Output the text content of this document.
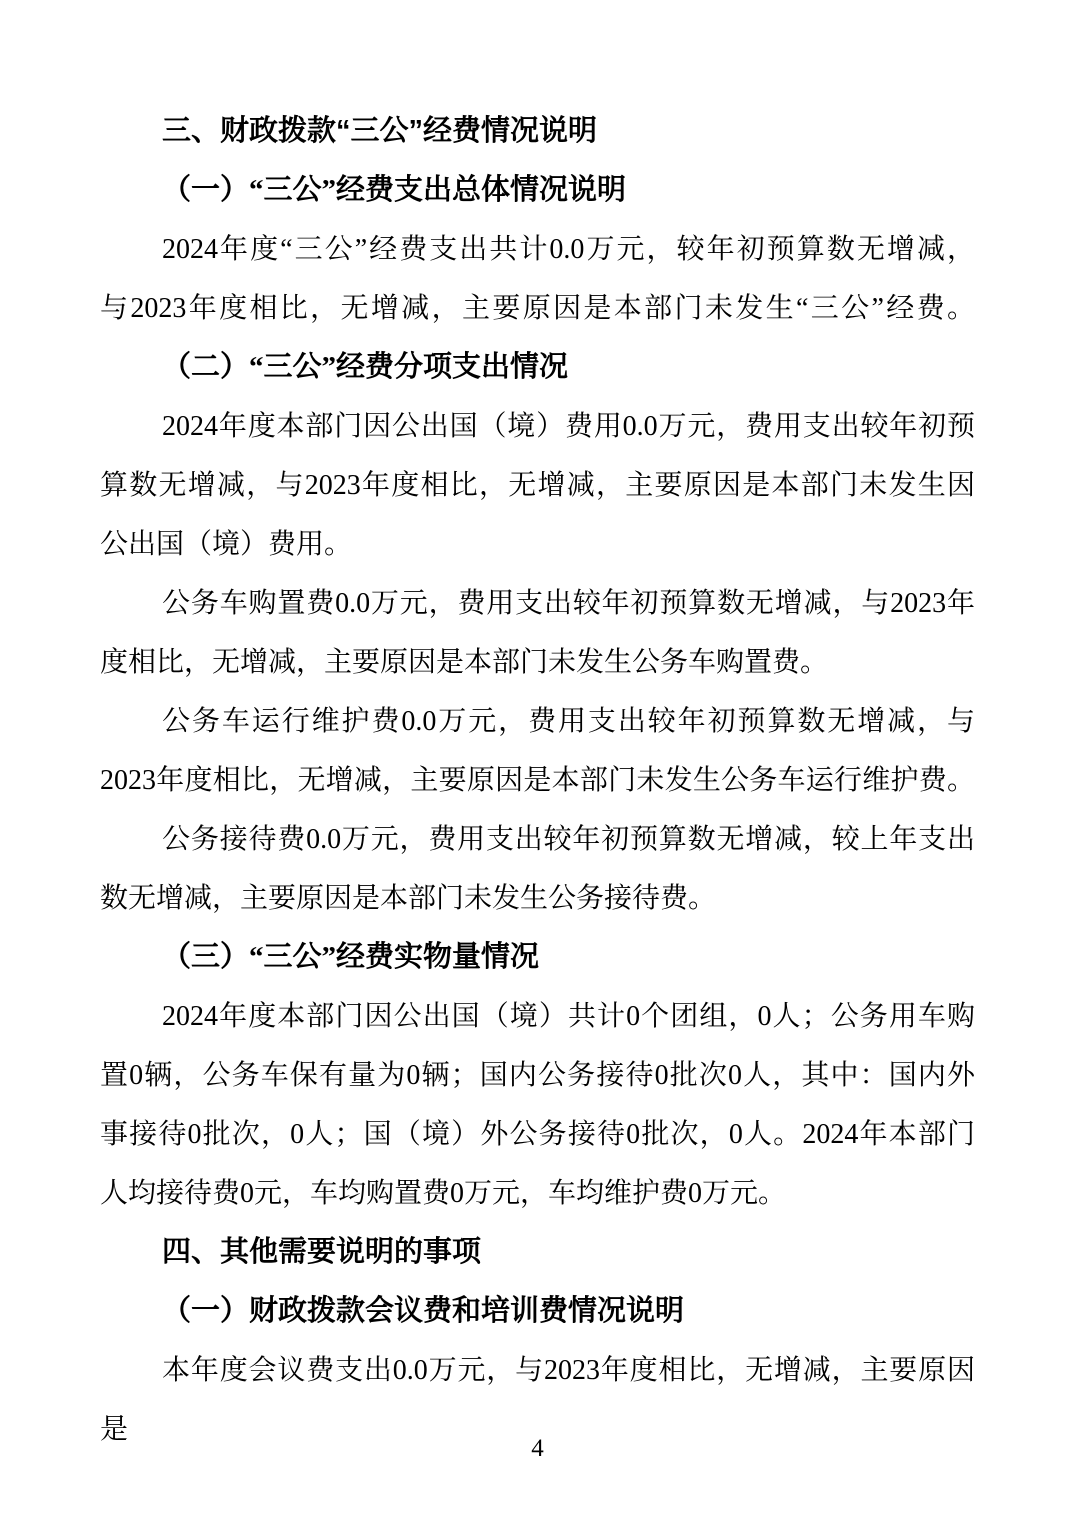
三、财政拨款“三公”经费情况说明
（一）“三公”经费支出总体情况说明
2024年度“三公”经费支出共计0.0万元，较年初预算数无增减，
与2023年度相比，无增减，主要原因是本部门未发生“三公”经费。
（二）“三公”经费分项支出情况
2024年度本部门因公出国（境）费用0.0万元，费用支出较年初预
算数无增减，与2023年度相比，无增减，主要原因是本部门未发生因
公出国（境）费用。
公务车购置费0.0万元，费用支出较年初预算数无增减，与2023年
度相比，无增减，主要原因是本部门未发生公务车购置费。
公务车运行维护费0.0万元，费用支出较年初预算数无增减，与
2023年度相比，无增减，主要原因是本部门未发生公务车运行维护费。
公务接待费0.0万元，费用支出较年初预算数无增减，较上年支出
数无增减，主要原因是本部门未发生公务接待费。
（三）“三公”经费实物量情况
2024年度本部门因公出国（境）共计0个团组，0人；公务用车购
置0辆，公务车保有量为0辆；国内公务接待0批次0人，其中：国内外
事接待0批次，0人；国（境）外公务接待0批次，0人。2024年本部门
人均接待费0元，车均购置费0万元，车均维护费0万元。
四、其他需要说明的事项
（一）财政拨款会议费和培训费情况说明
本年度会议费支出0.0万元，与2023年度相比，无增减，主要原因是
4
